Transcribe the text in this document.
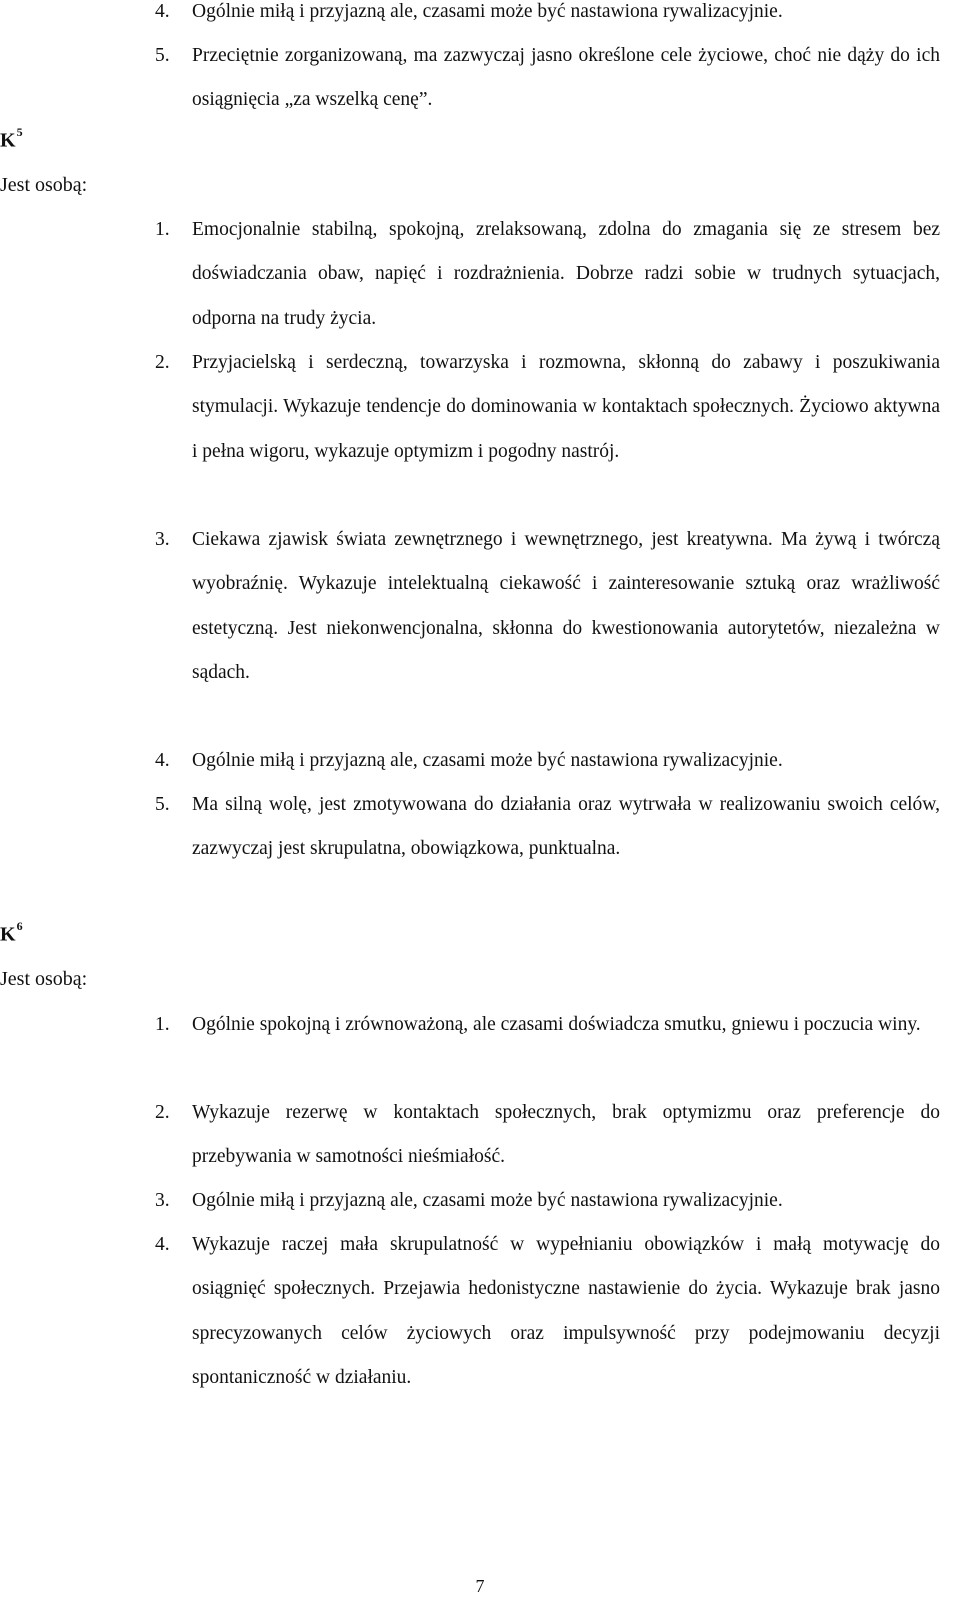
4. Ogólnie miłą i przyjazną ale, czasami może być nastawiona rywalizacyjnie.
5. Przeciętnie zorganizowaną, ma zazwyczaj jasno określone cele życiowe, choć nie dąży do ich osiągnięcia „za wszelką cenę”.
$K^5$
Jest osobą:
1. Emocjonalnie stabilną, spokojną, zrelaksowaną, zdolna do zmagania się ze stresem bez doświadczania obaw, napięć i rozdrażnienia. Dobrze radzi sobie w trudnych sytuacjach, odporna na trudy życia.
2. Przyjacielską i serdeczną, towarzyska i rozmowna, skłonną do zabawy i poszukiwania stymulacji. Wykazuje tendencje do dominowania w kontaktach społecznych. Życiowo aktywna i pełna wigoru, wykazuje optymizm i pogodny nastrój.
3. Ciekawa zjawisk świata zewnętrznego i wewnętrznego, jest kreatywna. Ma żywą i twórczą wyobraźnię. Wykazuje intelektualną ciekawość i zainteresowanie sztuką oraz wrażliwość estetyczną. Jest niekonwencjonalna, skłonna do kwestionowania autorytetów, niezależna w sądach.
4. Ogólnie miłą i przyjazną ale, czasami może być nastawiona rywalizacyjnie.
5. Ma silną wolę, jest zmotywowana do działania oraz wytrwała w realizowaniu swoich celów, zazwyczaj jest skrupulatna, obowiązkowa, punktualna.
$K^6$
Jest osobą:
1. Ogólnie spokojną i zrównoważoną, ale czasami doświadcza smutku, gniewu i poczucia winy.
2. Wykazuje rezerwę w kontaktach społecznych, brak optymizmu oraz preferencje do przebywania w samotności nieśmiałość.
3. Ogólnie miłą i przyjazną ale, czasami może być nastawiona rywalizacyjnie.
4. Wykazuje raczej mała skrupulatność w wypełnianiu obowiązków i małą motywację do osiągnięć społecznych. Przejawia hedonistyczne nastawienie do życia. Wykazuje brak jasno sprecyzowanych celów życiowych oraz impulsywność przy podejmowaniu decyzji spontaniczność w działaniu.
7
